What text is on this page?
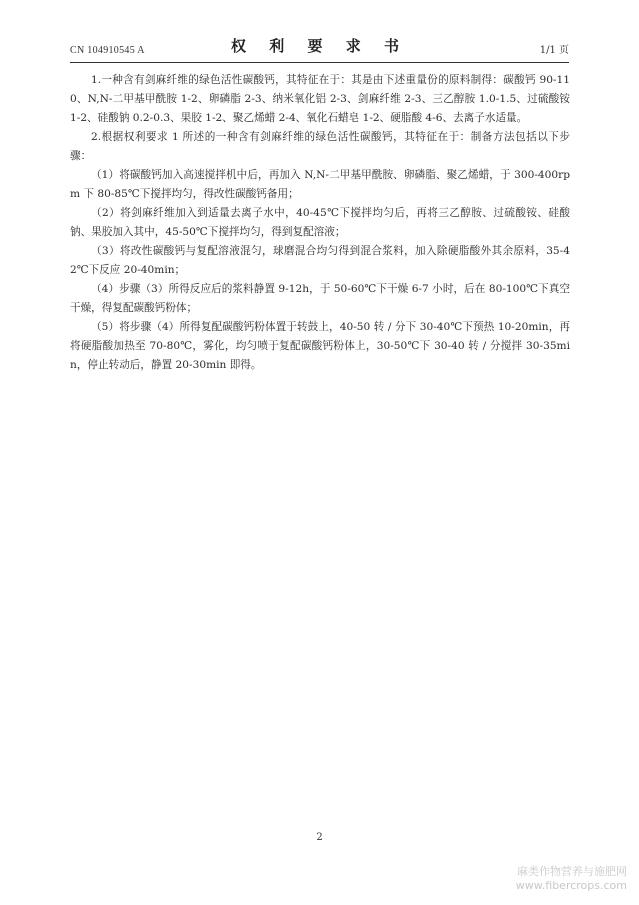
CN 104910545 A	权 利 要 求 书	1/1 页

1.一种含有剑麻纤维的绿色活性碳酸钙，其特征在于：其是由下述重量份的原料制得：碳酸钙 90-110、N,N-二甲基甲酰胺 1-2、卵磷脂 2-3、纳米氧化铝 2-3、剑麻纤维 2-3、三乙醇胺 1.0-1.5、过硫酸铵 1-2、硅酸钠 0.2-0.3、果胶 1-2、聚乙烯蜡 2-4、氧化石蜡皂 1-2、硬脂酸 4-6、去离子水适量。

2.根据权利要求 1 所述的一种含有剑麻纤维的绿色活性碳酸钙，其特征在于：制备方法包括以下步骤：

（1）将碳酸钙加入高速搅拌机中后，再加入 N,N-二甲基甲酰胺、卵磷脂、聚乙烯蜡，于 300-400rpm 下 80-85℃下搅拌均匀，得改性碳酸钙备用；

（2）将剑麻纤维加入到适量去离子水中，40-45℃下搅拌均匀后，再将三乙醇胺、过硫酸铵、硅酸钠、果胶加入其中，45-50℃下搅拌均匀，得到复配溶液；

（3）将改性碳酸钙与复配溶液混匀，球磨混合均匀得到混合浆料，加入除硬脂酸外其余原料，35-42℃下反应 20-40min；

（4）步骤（3）所得反应后的浆料静置 9-12h，于 50-60℃下干燥 6-7 小时，后在 80-100℃下真空干燥，得复配碳酸钙粉体；

（5）将步骤（4）所得复配碳酸钙粉体置于转鼓上，40-50 转 / 分下 30-40℃下预热 10-20min，再将硬脂酸加热至 70-80℃，雾化，均匀喷于复配碳酸钙粉体上，30-50℃下 30-40 转 / 分搅拌 30-35min，停止转动后，静置 20-30min 即得。

2
麻类作物营养与施肥网
www.fibercrops.com
